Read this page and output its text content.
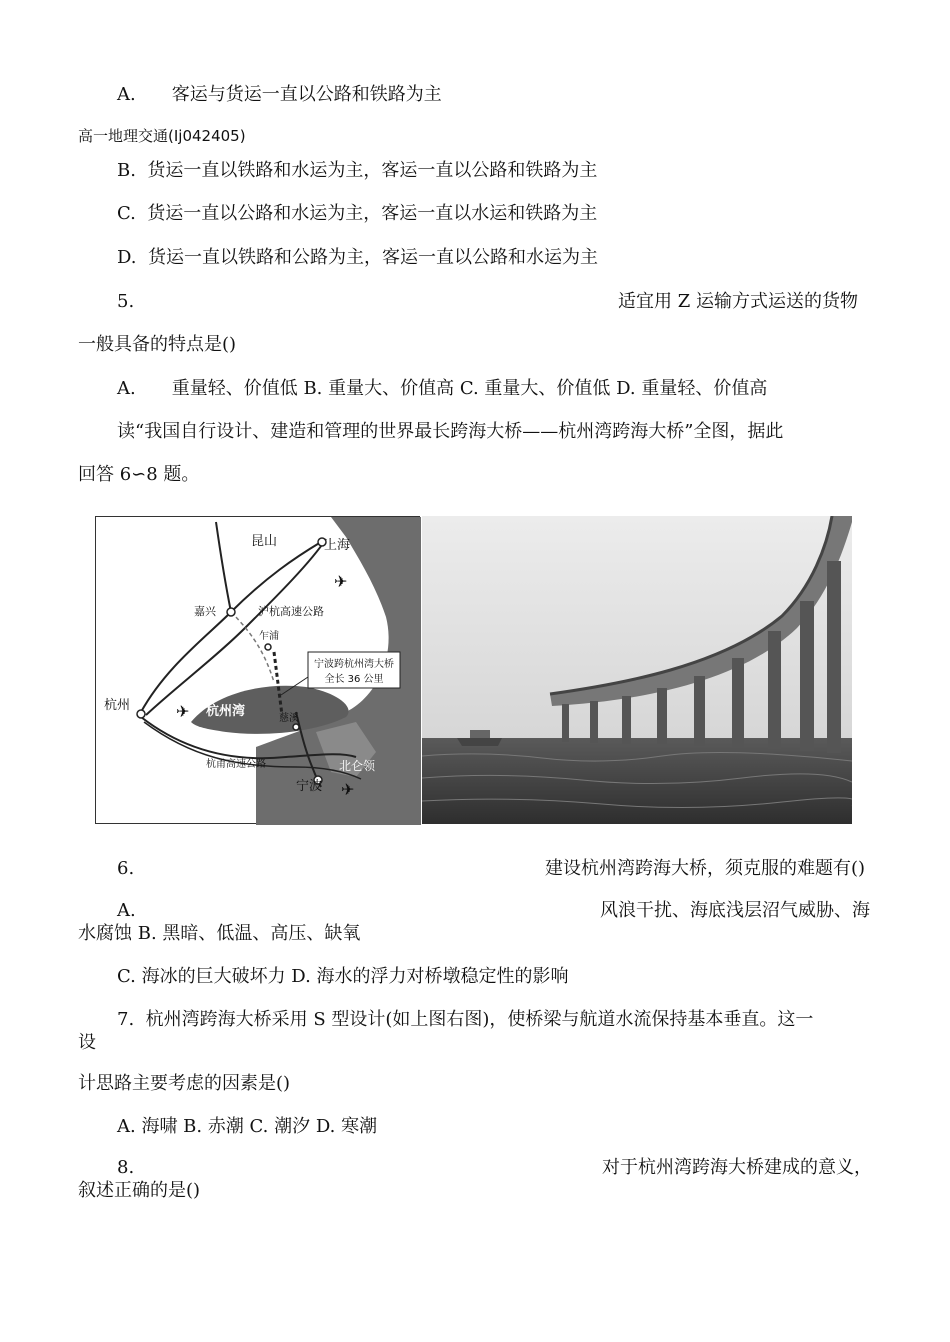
A.　　客运与货运一直以公路和铁路为主
高一地理交通(Ij042405)
B.  货运一直以铁路和水运为主，客运一直以公路和铁路为主
C.  货运一直以公路和水运为主，客运一直以水运和铁路为主
D.  货运一直以铁路和公路为主，客运一直以公路和水运为主
5.	适宜用 Z 运输方式运送的货物
一般具备的特点是()
A.　　重量轻、价值低 B. 重量大、价值高 C. 重量大、价值低 D. 重量轻、价值高
读“我国自行设计、建造和管理的世界最长跨海大桥——杭州湾跨海大桥”全图，据此
回答 6∽8 题。
✈
✈
✈
宁波跨杭州湾大桥
全长 36 公里
昆山	上海
嘉兴	沪杭高速公路
乍浦
杭州	杭州湾	慈溪
杭甬高速公路	北仑领
宁波
6.	建设杭州湾跨海大桥，须克服的难题有()
A.	风浪干扰、海底浅层沼气威胁、海
水腐蚀 B. 黑暗、低温、高压、缺氧
C. 海冰的巨大破坏力 D. 海水的浮力对桥墩稳定性的影响
7.  杭州湾跨海大桥采用 S 型设计(如上图右图)，使桥梁与航道水流保持基本垂直。这一
设
计思路主要考虑的因素是()
A. 海啸 B. 赤潮 C. 潮汐 D. 寒潮
8.	对于杭州湾跨海大桥建成的意义，
叙述正确的是()
